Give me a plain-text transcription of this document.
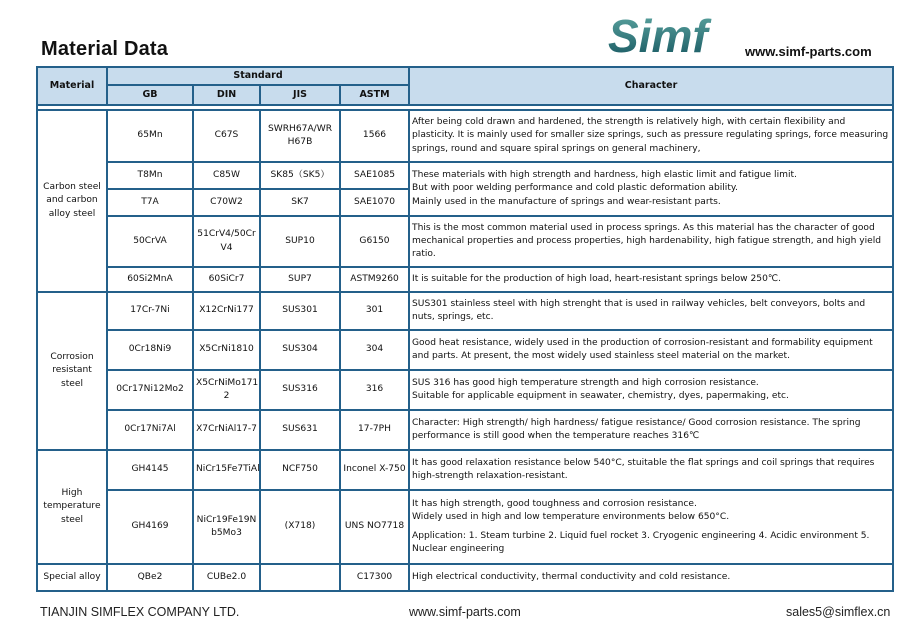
Material Data	Simf	www.simf-parts.com
Material	Standard				Character
	GB	DIN	JIS	ASTM	

Carbon steel and carbon alloy steel	65Mn	C67S	SWRH67A/WR H67B	1566	After being cold drawn and hardened, the strength is relatively high, with certain flexibility and plasticity. It is mainly used for smaller size springs, such as pressure regulating springs, force measuring springs, round and square spiral springs on general machinery,
	T8Mn	C85W	SK85（SK5）	SAE1085	These materials with high strength and hardness, high elastic limit and fatigue limit.
But with poor welding performance and cold plastic deformation ability.
Mainly used in the manufacture of springs and wear-resistant parts.

	T7A	C70W2	SK7	SAE1070	
	50CrVA	51CrV4/50Cr V4	SUP10	G6150	This is the most common material used in process springs. As this material has the character of good mechanical properties and process properties, high hardenability, high fatigue strength, and high yield ratio.
	60Si2MnA	60SiCr7	SUP7	ASTM9260	It is suitable for the production of high load, heart-resistant springs below 250℃.
Corrosion resistant steel	17Cr-7Ni	X12CrNi177	SUS301	301	SUS301 stainless steel with high strenght that is used in railway vehicles, belt conveyors, bolts and nuts, springs, etc.
	0Cr18Ni9	X5CrNi1810	SUS304	304	Good heat resistance, widely used in the production of corrosion-resistant and formability equipment and parts. At present, the most widely used stainless steel material on the market.
	0Cr17Ni12Mo2	X5CrNiMo171 2	SUS316	316	SUS 316 has good high temperature strength and high corrosion resistance.
Suitable for applicable equipment in seawater, chemistry, dyes, papermaking, etc.

	0Cr17Ni7Al	X7CrNiAl17-7	SUS631	17-7PH	Character: High strength/ high hardness/ fatigue resistance/ Good corrosion resistance. The spring performance is still good when the temperature reaches 316℃
High temperature steel	GH4145	NiCr15Fe7TiAl	NCF750	Inconel X-750	It has good relaxation resistance below 540°C, stuitable the flat springs and coil springs that requires high-strength relaxation-resistant.
	GH4169	NiCr19Fe19N b5Mo3	(X718)	UNS NO7718	It has high strength, good toughness and corrosion resistance.
Widely used in high and low temperature environments below 650°C.
Application: 1. Steam turbine 2. Liquid fuel rocket 3. Cryogenic engineering 4. Acidic environment 5. Nuclear engineering

Special alloy	QBe2	CUBe2.0		C17300	High electrical conductivity, thermal conductivity and cold resistance.
TIANJIN SIMFLEX COMPANY LTD.	www.simf-parts.com	sales5@simflex.cn
